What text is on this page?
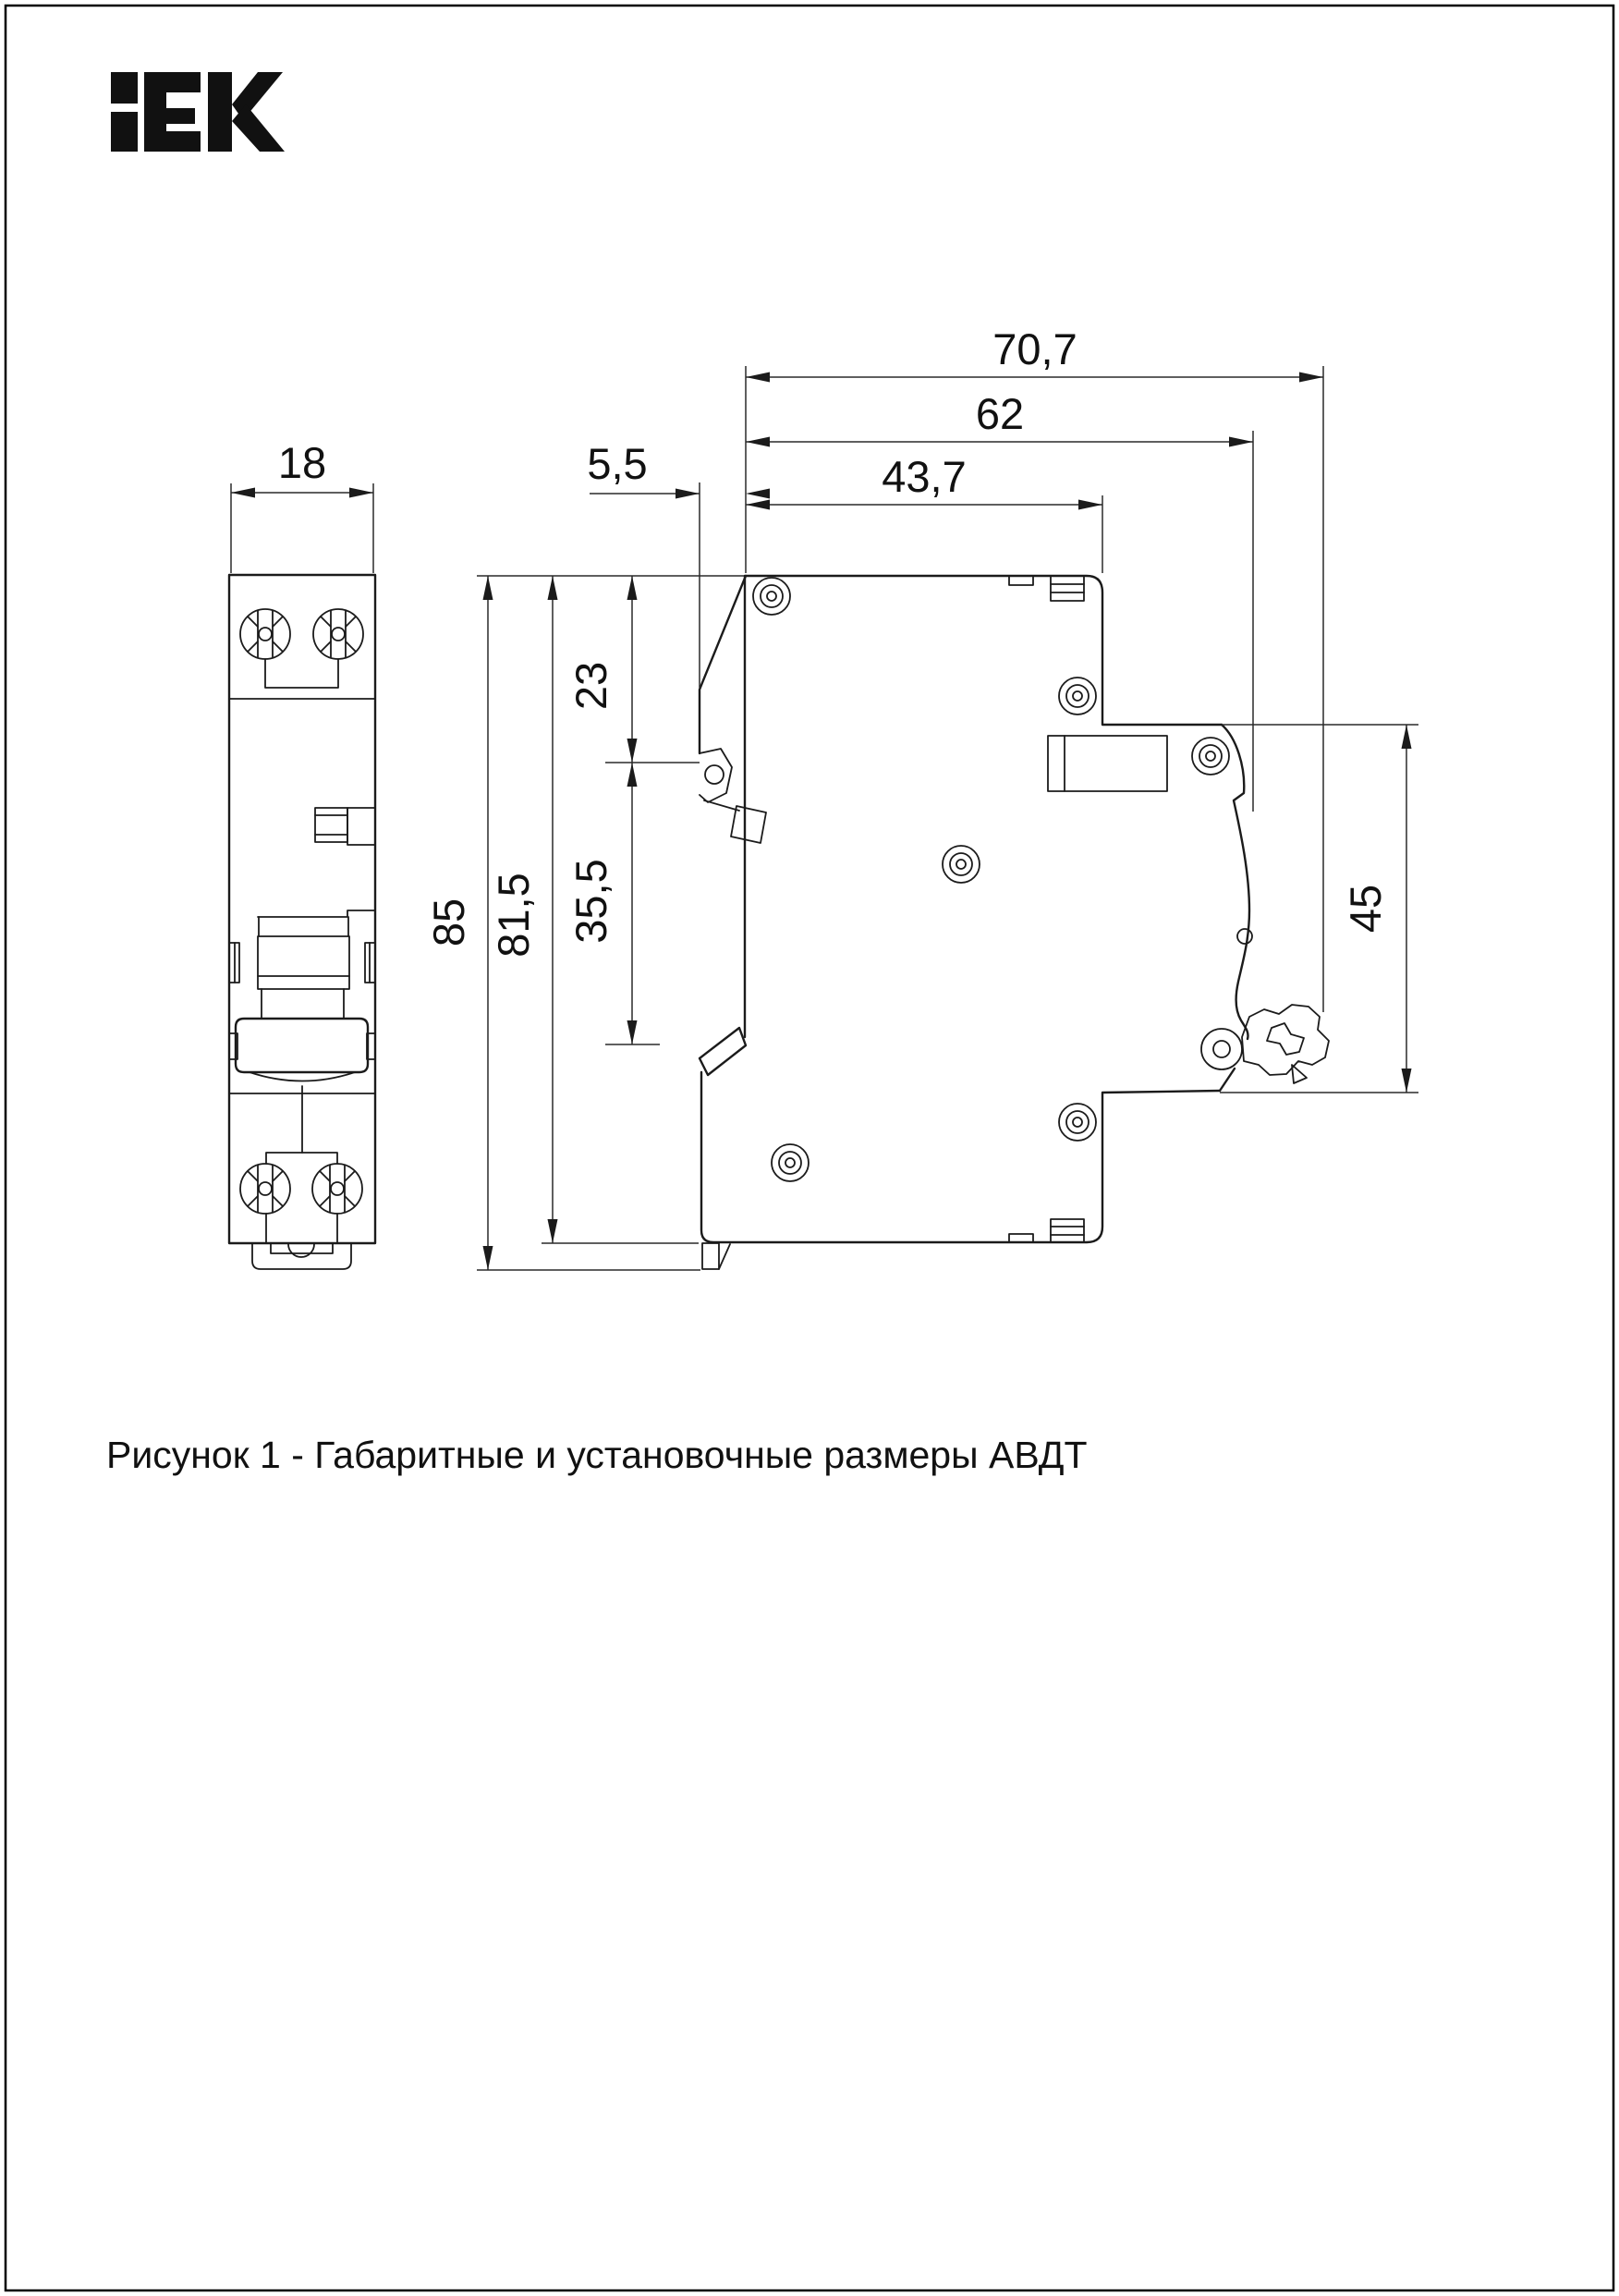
70,7
62
43,7
5,5
18
23
35,5
85 81,5	45
Рисунок 1 - Габаритные и установочные размеры АВДТ
